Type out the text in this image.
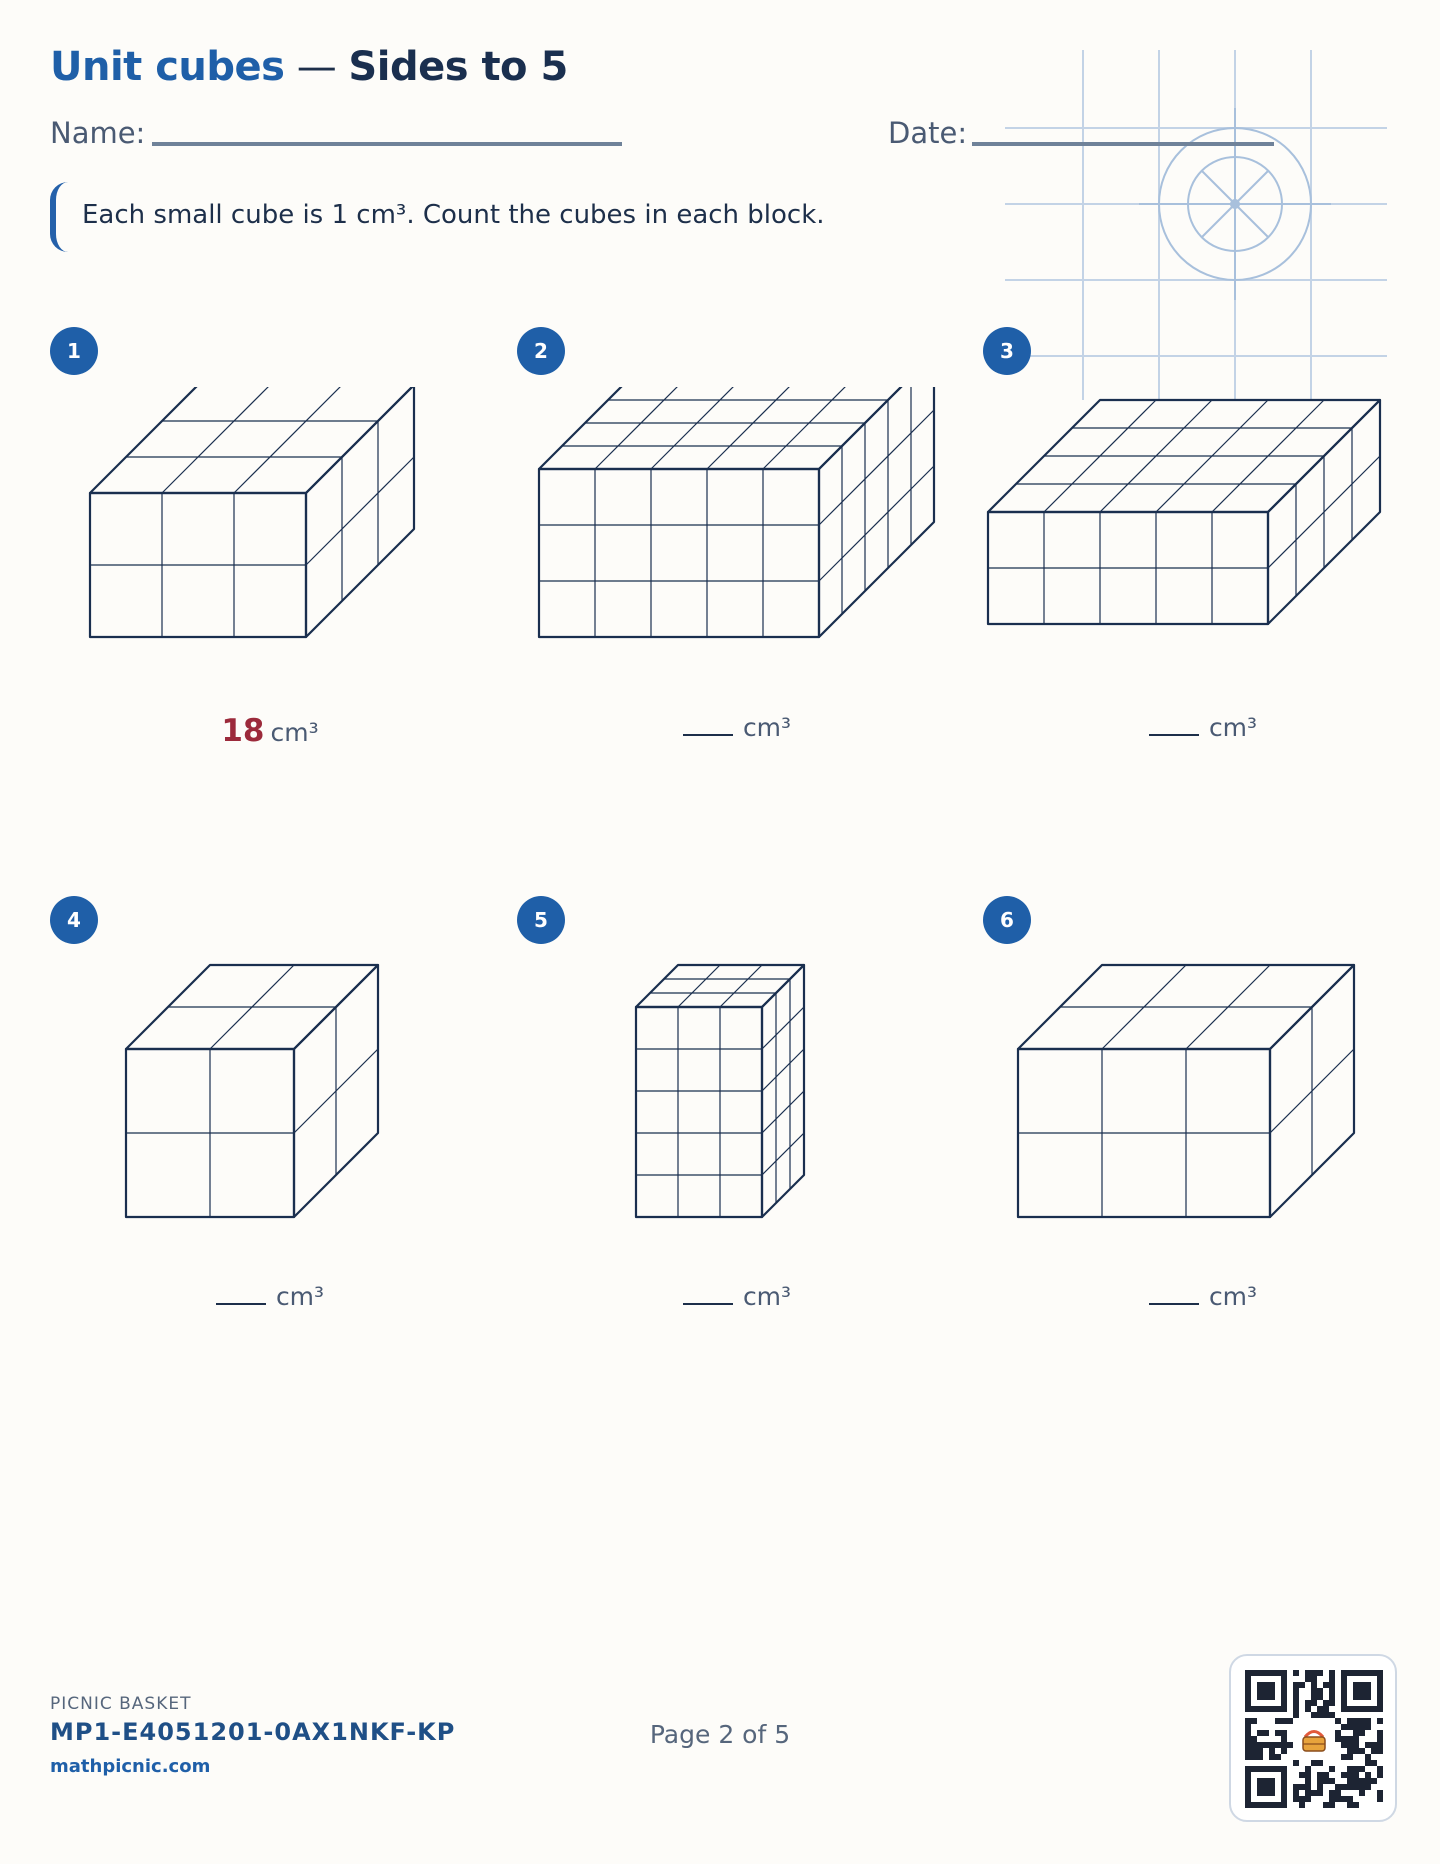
Unit cubes — Sides to 5
Name:	Date:
Each small cube is 1 cm³. Count the cubes in each block.
1
18 cm³
2
cm³
3
cm³
4
cm³
5
cm³
6
cm³
PICNIC BASKET
MP1-E4051201-0AX1NKF-KP
mathpicnic.com
Page 2 of 5
